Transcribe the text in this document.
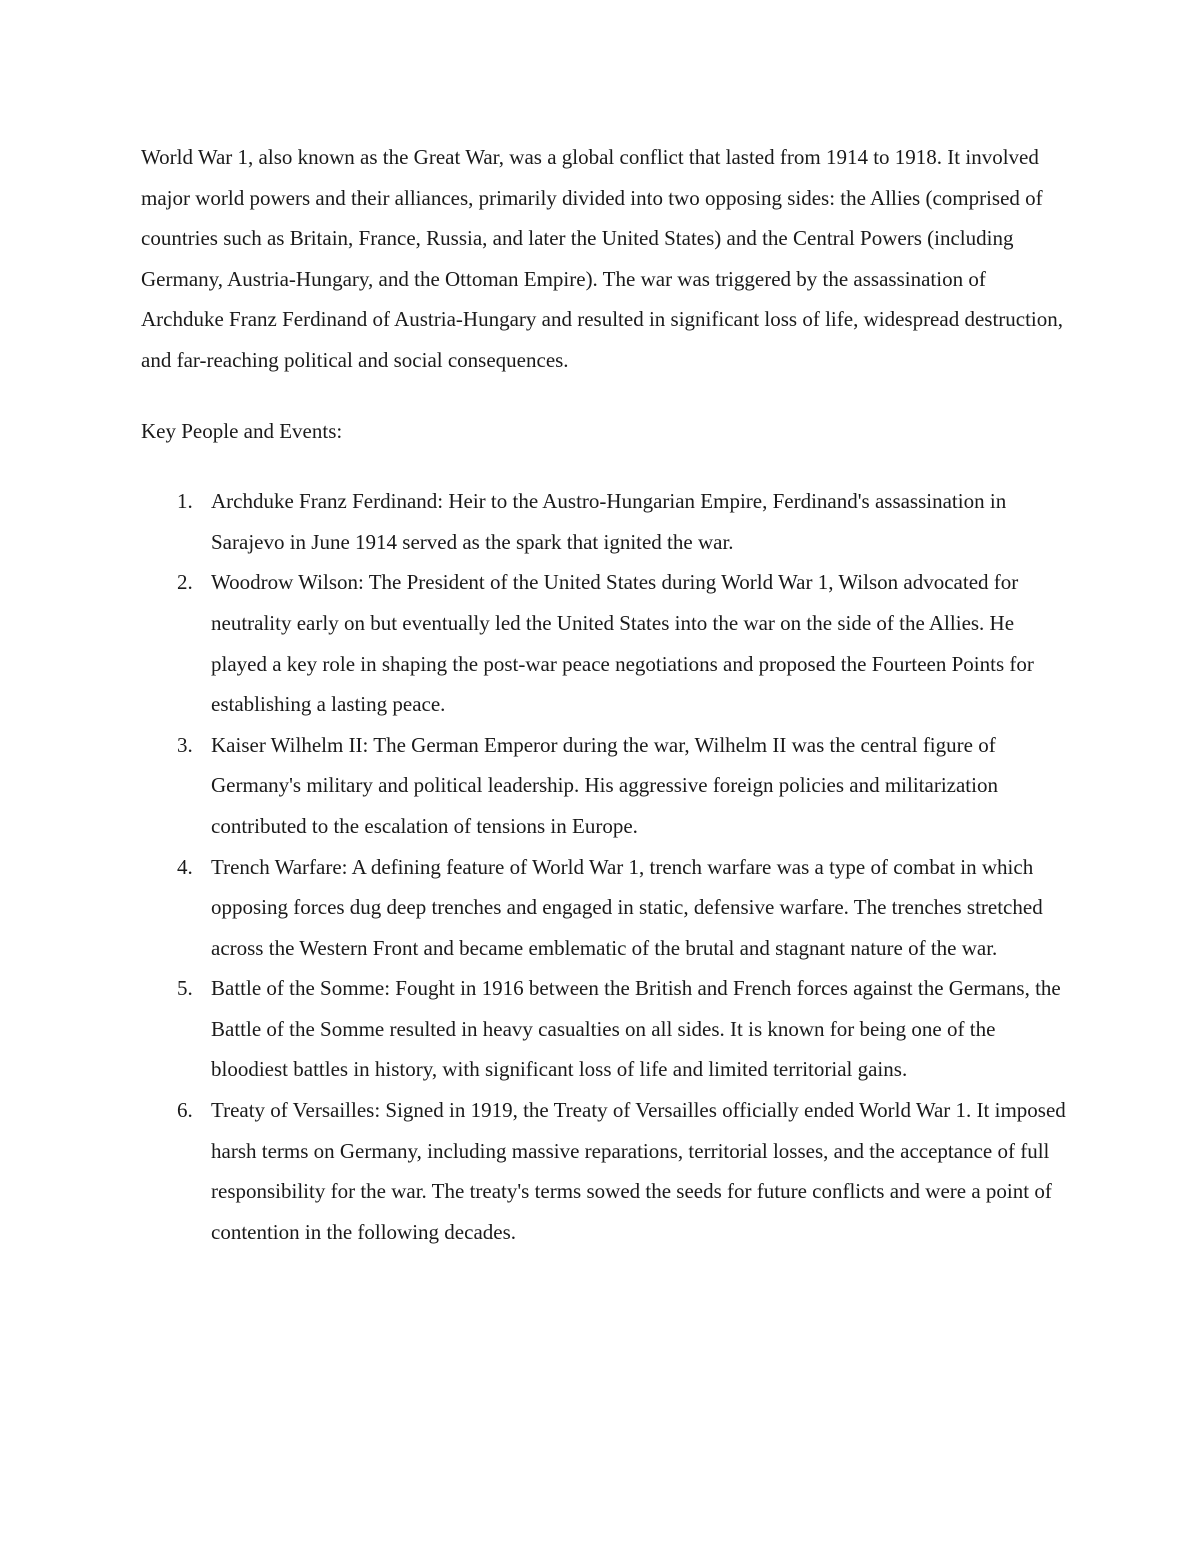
World War 1, also known as the Great War, was a global conflict that lasted from 1914 to 1918. It involved major world powers and their alliances, primarily divided into two opposing sides: the Allies (comprised of countries such as Britain, France, Russia, and later the United States) and the Central Powers (including Germany, Austria-Hungary, and the Ottoman Empire). The war was triggered by the assassination of Archduke Franz Ferdinand of Austria-Hungary and resulted in significant loss of life, widespread destruction, and far-reaching political and social consequences.

Key People and Events:

1. Archduke Franz Ferdinand: Heir to the Austro-Hungarian Empire, Ferdinand's assassination in Sarajevo in June 1914 served as the spark that ignited the war.
2. Woodrow Wilson: The President of the United States during World War 1, Wilson advocated for neutrality early on but eventually led the United States into the war on the side of the Allies. He played a key role in shaping the post-war peace negotiations and proposed the Fourteen Points for establishing a lasting peace.
3. Kaiser Wilhelm II: The German Emperor during the war, Wilhelm II was the central figure of Germany's military and political leadership. His aggressive foreign policies and militarization contributed to the escalation of tensions in Europe.
4. Trench Warfare: A defining feature of World War 1, trench warfare was a type of combat in which opposing forces dug deep trenches and engaged in static, defensive warfare. The trenches stretched across the Western Front and became emblematic of the brutal and stagnant nature of the war.
5. Battle of the Somme: Fought in 1916 between the British and French forces against the Germans, the Battle of the Somme resulted in heavy casualties on all sides. It is known for being one of the bloodiest battles in history, with significant loss of life and limited territorial gains.
6. Treaty of Versailles: Signed in 1919, the Treaty of Versailles officially ended World War 1. It imposed harsh terms on Germany, including massive reparations, territorial losses, and the acceptance of full responsibility for the war. The treaty's terms sowed the seeds for future conflicts and were a point of contention in the following decades.
